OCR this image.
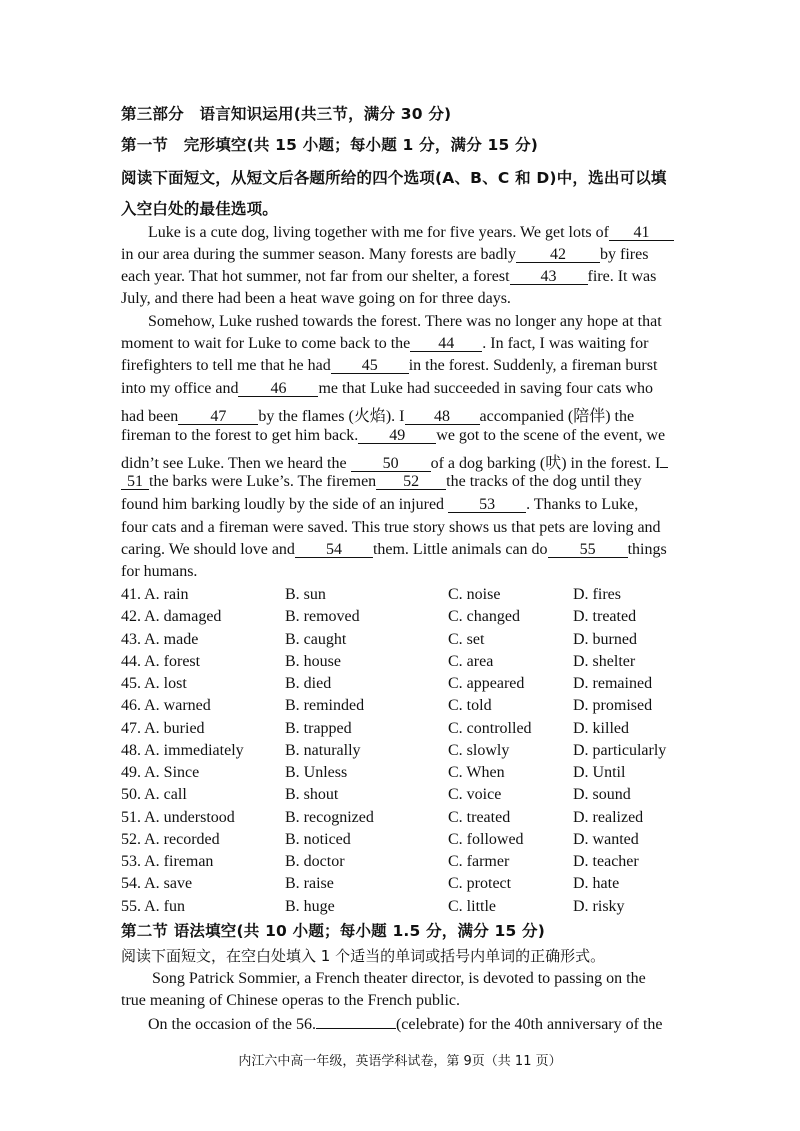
第三部分　语言知识运用(共三节，满分 30 分)
第一节　完形填空(共 15 小题；每小题 1 分，满分 15 分)
阅读下面短文，从短文后各题所给的四个选项(A、B、C 和 D)中，选出可以填
入空白处的最佳选项。
Luke is a cute dog, living together with me for five years. We get lots of 41
in our area during the summer season. Many forests are badly 42 by fires
each year. That hot summer, not far from our shelter, a forest 43 fire. It was
July, and there had been a heat wave going on for three days.
Somehow, Luke rushed towards the forest. There was no longer any hope at that
moment to wait for Luke to come back to the 44 . In fact, I was waiting for
firefighters to tell me that he had 45 in the forest. Suddenly, a fireman burst
into my office and 46 me that Luke had succeeded in saving four cats who
had been 47 by the flames (火焰). I 48 accompanied (陪伴) the
fireman to the forest to get him back. 49 we got to the scene of the event, we
didn’t see Luke. Then we heard the 50 of a dog barking (吠) in the forest. I
51 the barks were Luke’s. The firemen 52 the tracks of the dog until they
found him barking loudly by the side of an injured 53 . Thanks to Luke,
four cats and a fireman were saved. This true story shows us that pets are loving and
caring. We should love and 54 them. Little animals can do 55 things
for humans.
41. A. rain	B. sun	C. noise	D. fires
42. A. damaged	B. removed	C. changed	D. treated
43. A. made	B. caught	C. set	D. burned
44. A. forest	B. house	C. area	D. shelter
45. A. lost	B. died	C. appeared	D. remained
46. A. warned	B. reminded	C. told	D. promised
47. A. buried	B. trapped	C. controlled	D. killed
48. A. immediately	B. naturally	C. slowly	D. particularly
49. A. Since	B. Unless	C. When	D. Until
50. A. call	B. shout	C. voice	D. sound
51. A. understood	B. recognized	C. treated	D. realized
52. A. recorded	B. noticed	C. followed	D. wanted
53. A. fireman	B. doctor	C. farmer	D. teacher
54. A. save	B. raise	C. protect	D. hate
55. A. fun	B. huge	C. little	D. risky
第二节 语法填空(共 10 小题；每小题 1.5 分，满分 15 分)
阅读下面短文，在空白处填入 1 个适当的单词或括号内单词的正确形式。
Song Patrick Sommier, a French theater director, is devoted to passing on the
true meaning of Chinese operas to the French public.
On the occasion of the 56.	(celebrate) for the 40th anniversary of the
内江六中高一年级，英语学科试卷，第 9页（共 11 页）
